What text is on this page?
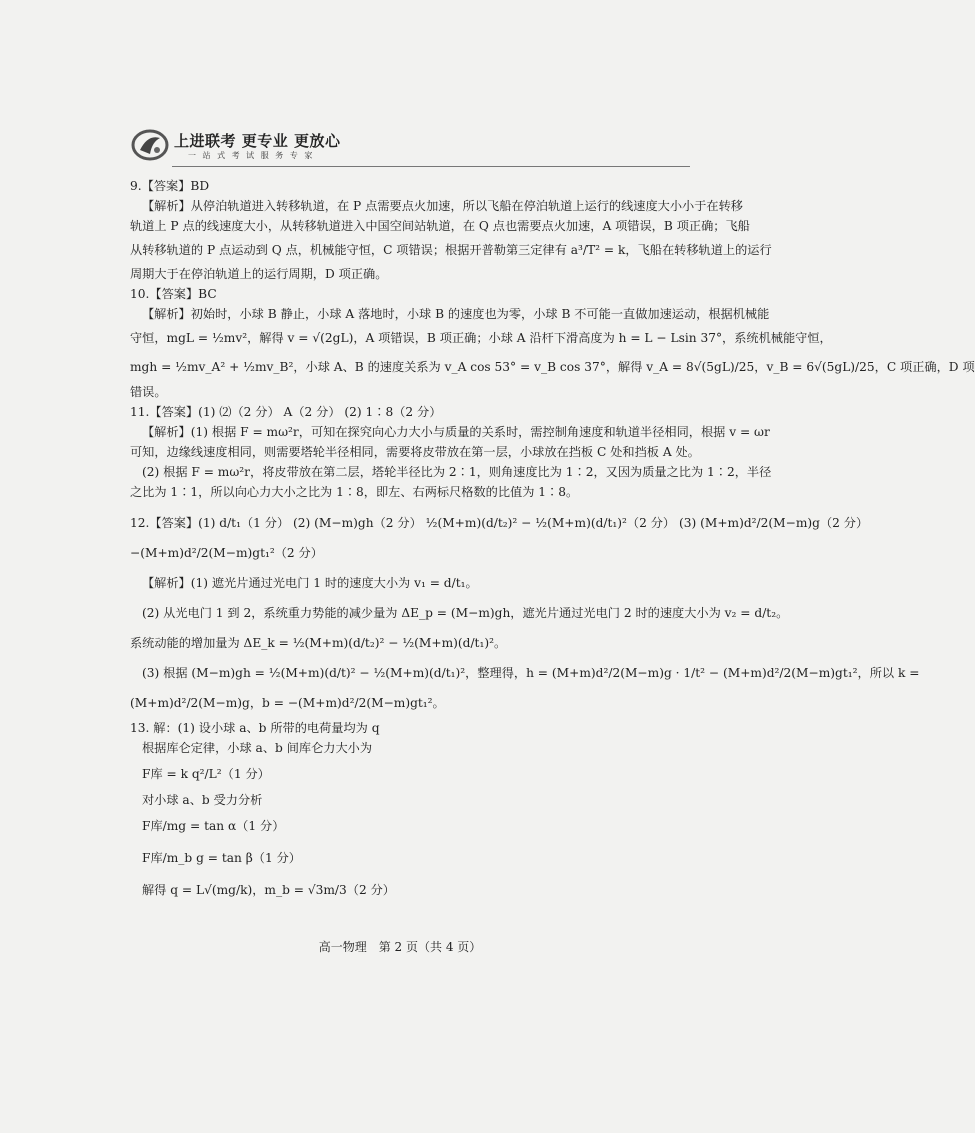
上进联考 更专业 更放心
一 站 式 考 试 服 务 专 家
9.【答案】BD
【解析】从停泊轨道进入转移轨道，在 P 点需要点火加速，所以飞船在停泊轨道上运行的线速度大小小于在转移
轨道上 P 点的线速度大小，从转移轨道进入中国空间站轨道，在 Q 点也需要点火加速，A 项错误，B 项正确；飞船
从转移轨道的 P 点运动到 Q 点，机械能守恒，C 项错误；根据开普勒第三定律有 a³/T² = k，飞船在转移轨道上的运行
周期大于在停泊轨道上的运行周期，D 项正确。
10.【答案】BC
【解析】初始时，小球 B 静止，小球 A 落地时，小球 B 的速度也为零，小球 B 不可能一直做加速运动，根据机械能
守恒，mgL = ½mv²，解得 v = √(2gL)，A 项错误，B 项正确；小球 A 沿杆下滑高度为 h = L − Lsin 37°，系统机械能守恒，
mgh = ½mv_A² + ½mv_B²，小球 A、B 的速度关系为 v_A cos 53° = v_B cos 37°，解得 v_A = 8√(5gL)/25，v_B = 6√(5gL)/25，C 项正确，D 项
错误。
11.【答案】(1) ⑵（2 分） A（2 分） (2) 1∶8（2 分）
【解析】(1) 根据 F = mω²r，可知在探究向心力大小与质量的关系时，需控制角速度和轨道半径相同，根据 v = ωr
可知，边缘线速度相同，则需要塔轮半径相同，需要将皮带放在第一层，小球放在挡板 C 处和挡板 A 处。
(2) 根据 F = mω²r，将皮带放在第二层，塔轮半径比为 2∶1，则角速度比为 1∶2，又因为质量之比为 1∶2，半径
之比为 1∶1，所以向心力大小之比为 1∶8，即左、右两标尺格数的比值为 1∶8。
12.【答案】(1) d/t₁（1 分） (2) (M−m)gh（2 分） ½(M+m)(d/t₂)² − ½(M+m)(d/t₁)²（2 分） (3) (M+m)d²/2(M−m)g（2 分）
−(M+m)d²/2(M−m)gt₁²（2 分）
【解析】(1) 遮光片通过光电门 1 时的速度大小为 v₁ = d/t₁。
(2) 从光电门 1 到 2，系统重力势能的减少量为 ΔE_p = (M−m)gh，遮光片通过光电门 2 时的速度大小为 v₂ = d/t₂。
系统动能的增加量为 ΔE_k = ½(M+m)(d/t₂)² − ½(M+m)(d/t₁)²。
(3) 根据 (M−m)gh = ½(M+m)(d/t)² − ½(M+m)(d/t₁)²，整理得，h = (M+m)d²/2(M−m)g · 1/t² − (M+m)d²/2(M−m)gt₁²，所以 k =
(M+m)d²/2(M−m)g，b = −(M+m)d²/2(M−m)gt₁²。
13. 解：(1) 设小球 a、b 所带的电荷量均为 q
根据库仑定律，小球 a、b 间库仑力大小为
F库 = k q²/L²（1 分）
对小球 a、b 受力分析
F库/mg = tan α（1 分）
F库/m_b g = tan β（1 分）
解得 q = L√(mg/k)，m_b = √3m/3（2 分）
高一物理　第 2 页（共 4 页）
